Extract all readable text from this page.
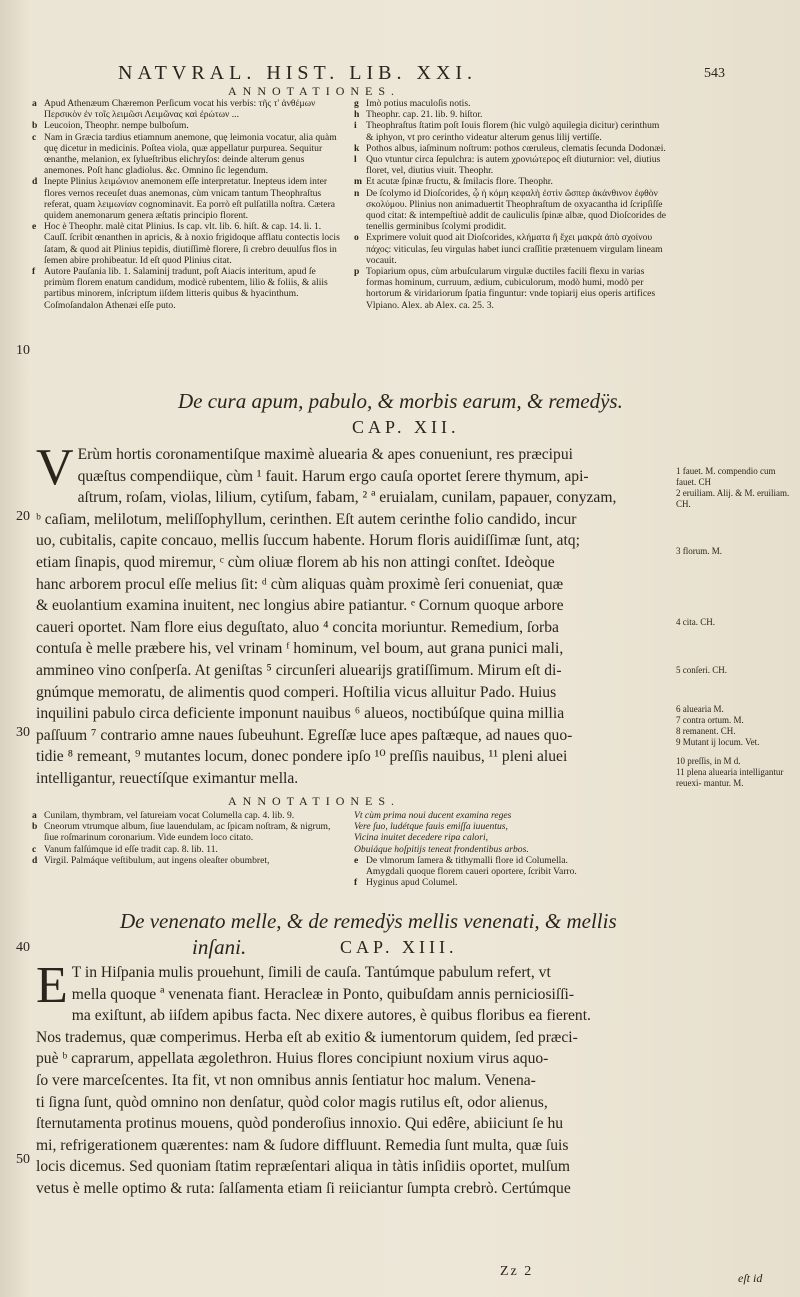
NATVRAL. HIST. LIB. XXI.	543
ANNOTATIONES.

a Apud Athenæum Chæremon Perſicum vocat his verbis: τῆς τ' ἀνθέμων Περσικὸν ἐν τοῖς λειμῶσι Λειμῶνας καὶ ἐρώτων ...

b Leucoion, Theophr. nempe bulboſum.

c Nam in Græcia tardius etiamnum anemone, quę leimonia vocatur, alia quàm quę dicetur in medicinis. Poſtea viola, quæ appellatur purpurea. Sequitur œnanthe, melanion, ex ſylueſtribus elichryſos: deinde alterum genus anemones. Poſt hanc gladiolus. &c. Omnino ſic legendum.

d Inepte Plinius λειμώνιον anemonem eſſe interpretatur. Inepteus idem inter flores vernos receuſet duas anemonas, cùm vnicam tantum Theophraſtus referat, quam λειμωνίαν cognominavit. Ea porrò eſt pulſatilla noſtra. Cætera quidem anemonarum genera æſtatis principio florent.

e Hoc è Theophr. malè citat Plinius. Is cap. vlt. lib. 6. hiſt. & cap. 14. li. 1. Cauſſ. ſcribit œnanthen in apricis, & à noxio frigidoque afflatu contectis locis ſatam, & quod ait Plinius tepidis, diutiſſimè florere, ſi crebro deuulſus flos in ſemen abire prohibeatur. Id eſt quod Plinius citat.

f Autore Pauſania lib. 1. Salaminij tradunt, poſt Aiacis interitum, apud ſe primùm florem enatum candidum, modicè rubentem, lilio & foliis, & aliis partibus minorem, inſcriptum iiſdem litteris quibus & hyacinthum. Coſmoſandalon Athenæi eſſe puto.

g Imò potius maculoſis notis.

h Theophr. cap. 21. lib. 9. hiſtor.

i Theophraſtus ſtatim poſt Iouis florem (hic vulgò aquilegia dicitur) cerinthum & iphyon, vt pro cerintho videatur alterum genus lilij vertiſſe.

k Pothos albus, iaſminum noſtrum: pothos cœruleus, clematis ſecunda Dodonæi.

l Quo vtuntur circa ſepulchra: is autem χρονιώτερος eſt diuturnior: vel, diutius floret, vel, diutius viuit. Theophr.

m Et acutæ ſpinæ fructu, & ſmilacis flore. Theophr.

n De ſcolymo id Dioſcorides, ᾧ ἡ κόμη κεφαλὴ ἐστὶν ὥσπερ ἀκάνθινον ἐφθὸν σκολύμου. Plinius non animaduertit Theophraſtum de oxyacantha id ſcripſiſſe quod citat: & intempeſtiuè addit de cauliculis ſpinæ albæ, quod Dioſcorides de tenellis germinibus ſcolymi prodidit.

o Exprimere voluit quod ait Dioſcorides, κλήματα ἢ ἔχει μακρὰ ἀπὸ σχοίνου πάχος: viticulas, ſeu virgulas habet iunci craſſitie prætenuem virgulam lineam vocauit.

p Topiarium opus, cùm arbuſcularum virgulæ ductiles facili flexu in varias formas hominum, curruum, ædium, cubiculorum, modò humi, modò per hortorum & viridariorum ſpatia finguntur: vnde topiarij eius operis artifices Vlpiano. Alex. ab Alex. ca. 25. 3.

10
20
30
40
50
De cura apum, pabulo, & morbis earum, & remedÿs.
CAP. XII.
V Erùm hortis coronamentiſque maximè aluearia & apes conueniunt, res præcipui
quæſtus compendiique, cùm ¹ fauit. Harum ergo cauſa oportet ſerere thymum, api-
aſtrum, roſam, violas, lilium, cytiſum, fabam, ² ª eruialam, cunilam, papauer, conyzam,
ᵇ caſiam, melilotum, meliſſophyllum, cerinthen. Eſt autem cerinthe folio candido, incur
uo, cubitalis, capite concauo, mellis ſuccum habente. Horum floris auidiſſimæ ſunt, atq;
etiam ſinapis, quod miremur, ᶜ cùm oliuæ florem ab his non attingi conſtet. Ideòque
hanc arborem procul eſſe melius ſit: ᵈ cùm aliquas quàm proximè ſeri conueniat, quæ
& euolantium examina inuitent, nec longius abire patiantur. ᵉ Cornum quoque arbore
caueri oportet. Nam flore eius deguſtato, aluo ⁴ concita moriuntur. Remedium, ſorba
contuſa è melle præbere his, vel vrinam ᶠ hominum, vel boum, aut grana punici mali,
ammineo vino conſperſa. At geniſtas ⁵ circunſeri aluearijs gratiſſimum. Mirum eſt di-
gnúmque memoratu, de alimentis quod comperi. Hoſtilia vicus alluitur Pado. Huius
inquilini pabulo circa deficiente imponunt nauibus ⁶ alueos, noctibúſque quina millia
paſſuum ⁷ contrario amne naues ſubeuhunt. Egreſſæ luce apes paſtæque, ad naues quo-
tidie ⁸ remeant, ⁹ mutantes locum, donec pondere ipſo ¹⁰ preſſis nauibus, ¹¹ pleni aluei
intelligantur, reuectíſque eximantur mella.
1 fauet. M. compendio cum fauet. CH
2 eruiliam. Alij. & M. eruiliam. CH.
3 florum. M.
4 cita. CH.
5 conſeri. CH.
6 aluearia M.
7 contra ortum. M.
8 remanent. CH.
9 Mutant ij locum. Vet.
10 preſſis, in M d.
11 plena aluearia intelligantur reuexi- mantur. M.
ANNOTATIONES.

a Cunilam, thymbram, vel ſatureiam vocat Columella cap. 4. lib. 9.

b Cneorum vtrumque album, ſiue lauendulam, ac ſpicam noſtram, & nigrum, ſiue roſmarinum coronarium. Vide eundem loco citato.

c Vanum falſúmque id eſſe tradit cap. 8. lib. 11.

d Virgil. Palmáque veſtibulum, aut ingens oleaſter obumbret,

Vt cùm prima noui ducent examina reges
Vere ſuo, ludétque fauis emiſſa iuuentus,
Vicina inuitet decedere ripa calori,
Obuiáque hoſpitijs teneat frondentibus arbos.

e De vlmorum ſamera & tithymalli flore id Columella.

Amygdali quoque florem caueri oportere, ſcribit Varro.

f Hyginus apud Columel.

De venenato melle, & de remedÿs mellis venenati, & mellis
inſani.	CAP. XIII.
E T in Hiſpania mulis prouehunt, ſimili de cauſa. Tantúmque pabulum refert, vt
mella quoque ª venenata fiant. Heracleæ in Ponto, quibuſdam annis perniciosiſſi-
ma exiſtunt, ab iiſdem apibus facta. Nec dixere autores, è quibus floribus ea fierent.
Nos trademus, quæ comperimus. Herba eſt ab exitio & iumentorum quidem, ſed præci-
puè ᵇ caprarum, appellata ægolethron. Huius flores concipiunt noxium virus aquo-
ſo vere marceſcentes. Ita fit, vt non omnibus annis ſentiatur hoc malum. Venena-
ti ſigna ſunt, quòd omnino non denſatur, quòd color magis rutilus eſt, odor alienus,
ſternutamenta protinus mouens, quòd ponderoſius innoxio. Qui edêre, abiiciunt ſe hu
mi, refrigerationem quærentes: nam & ſudore diffluunt. Remedia ſunt multa, quæ ſuis
locis dicemus. Sed quoniam ſtatim repræſentari aliqua in tàtis inſidiis oportet, mulſum
vetus è melle optimo & ruta: ſalſamenta etiam ſi reiiciantur ſumpta crebrò. Certúmque
Zz 2	eſt id
